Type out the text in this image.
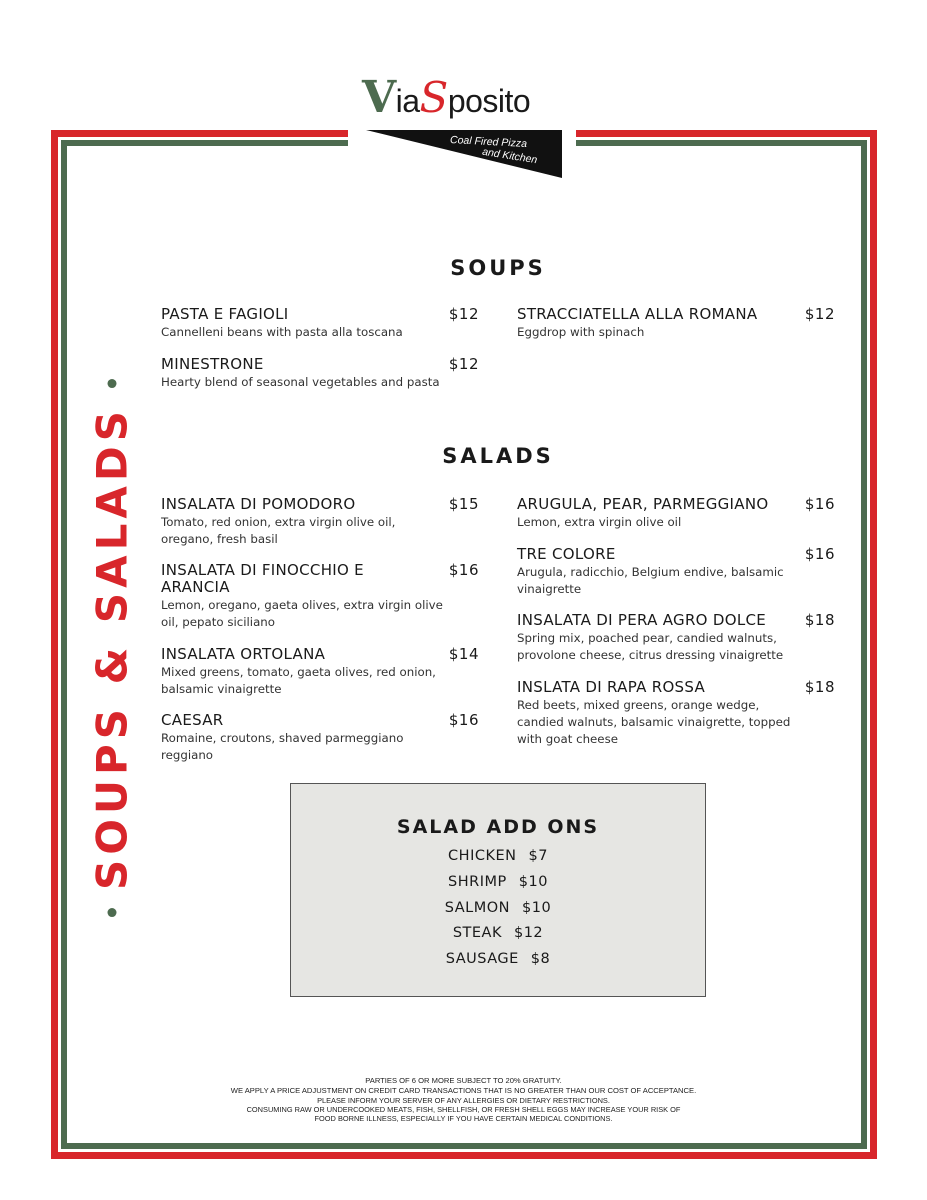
ViaSposito
Coal Fired Pizza
and Kitchen
SOUPS & SALADS
SOUPS
PASTA E FAGIOLI	$12
Cannelleni beans with pasta alla toscana
MINESTRONE	$12
Hearty blend of seasonal vegetables and pasta
STRACCIATELLA ALLA ROMANA	$12
Eggdrop with spinach
SALADS
INSALATA DI POMODORO	$15
Tomato, red onion, extra virgin olive oil, oregano, fresh basil
INSALATA DI FINOCCHIO E ARANCIA
$16
Lemon, oregano, gaeta olives, extra virgin olive oil, pepato siciliano
INSALATA ORTOLANA	$14
Mixed greens, tomato, gaeta olives, red onion, balsamic vinaigrette
CAESAR	$16
Romaine, croutons, shaved parmeggiano reggiano
ARUGULA, PEAR, PARMEGGIANO	$16
Lemon, extra virgin olive oil
TRE COLORE	$16
Arugula, radicchio, Belgium endive, balsamic vinaigrette
INSALATA DI PERA AGRO DOLCE	$18
Spring mix, poached pear, candied walnuts, provolone cheese, citrus dressing vinaigrette
INSLATA DI RAPA ROSSA	$18
Red beets, mixed greens, orange wedge, candied walnuts, balsamic vinaigrette, topped with goat cheese
SALAD ADD ONS
CHICKEN $7
SHRIMP $10
SALMON $10
STEAK $12
SAUSAGE $8
PARTIES OF 6 OR MORE SUBJECT TO 20% GRATUITY.
WE APPLY A PRICE ADJUSTMENT ON CREDIT CARD TRANSACTIONS THAT IS NO GREATER THAN OUR COST OF ACCEPTANCE.
PLEASE INFORM YOUR SERVER OF ANY ALLERGIES OR DIETARY RESTRICTIONS.
CONSUMING RAW OR UNDERCOOKED MEATS, FISH, SHELLFISH, OR FRESH SHELL EGGS MAY INCREASE YOUR RISK OF
FOOD BORNE ILLNESS, ESPECIALLY IF YOU HAVE CERTAIN MEDICAL CONDITIONS.
